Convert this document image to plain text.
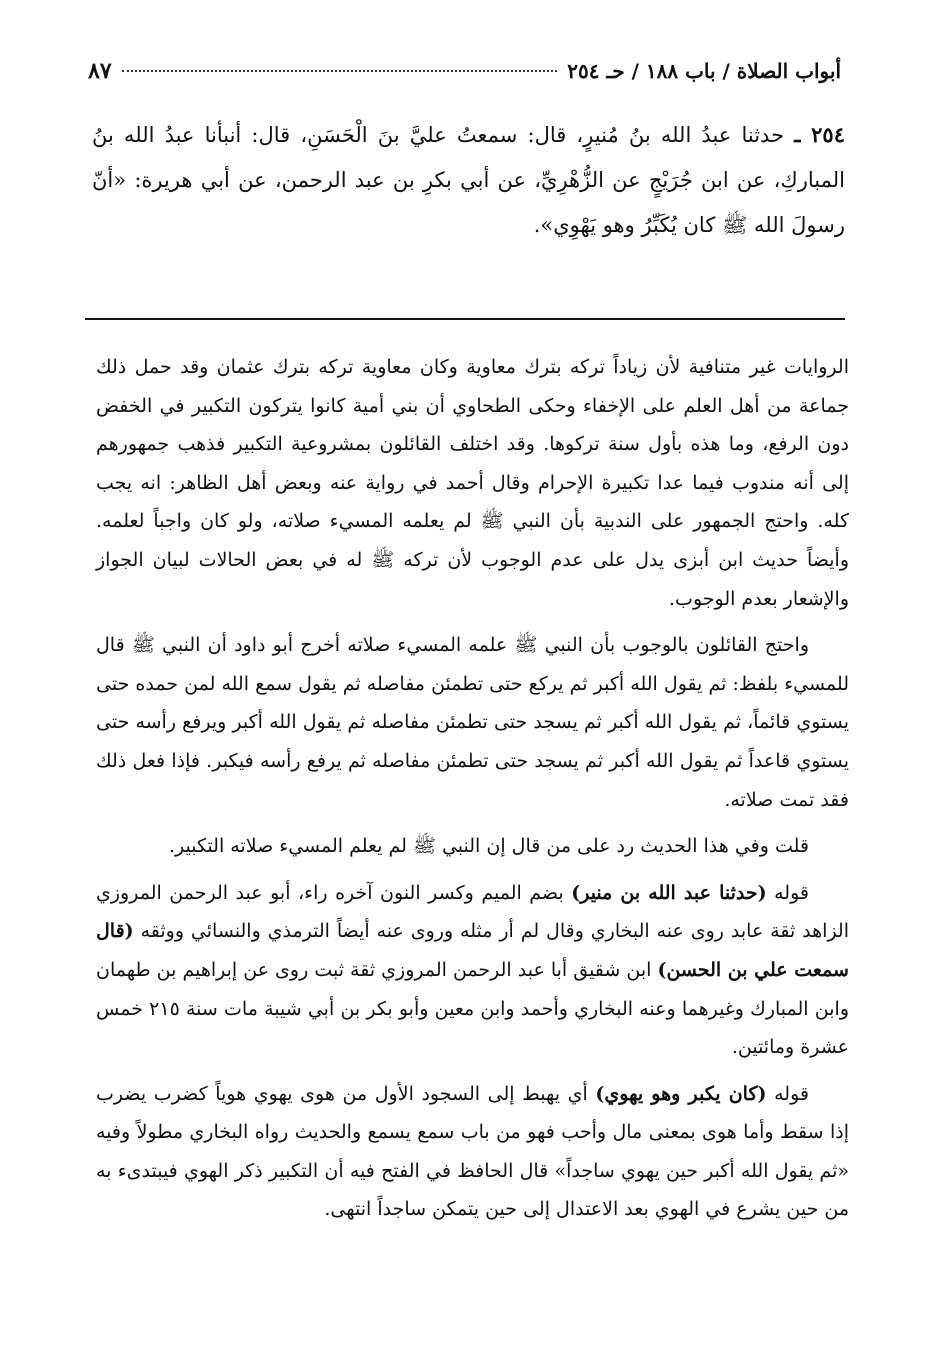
أبواب الصلاة / باب ١٨٨ / حـ ٢٥٤
٨٧
٢٥٤ ـ حدثنا عبدُ الله بنُ مُنيرٍ، قال: سمعتُ عليَّ بنَ الْحَسَنِ، قال: أنبأنا عبدُ الله بنُ المباركِ، عن ابن جُرَيْجٍ عن الزُّهْرِيِّ، عن أبي بكرِ بن عبد الرحمن، عن أبي هريرة: «أنّ رسولَ الله ﷺ كان يُكَبِّرُ وهو يَهْوِي».

الروايات غير متنافية لأن زياداً تركه بترك معاوية وكان معاوية تركه بترك عثمان وقد حمل ذلك جماعة من أهل العلم على الإخفاء وحكى الطحاوي أن بني أمية كانوا يتركون التكبير في الخفض دون الرفع، وما هذه بأول سنة تركوها. وقد اختلف القائلون بمشروعية التكبير فذهب جمهورهم إلى أنه مندوب فيما عدا تكبيرة الإحرام وقال أحمد في رواية عنه وبعض أهل الظاهر: انه يجب كله. واحتج الجمهور على الندبية بأن النبي ﷺ لم يعلمه المسيء صلاته، ولو كان واجباً لعلمه. وأيضاً حديث ابن أبزى يدل على عدم الوجوب لأن تركه ﷺ له في بعض الحالات لبيان الجواز والإشعار بعدم الوجوب.

واحتج القائلون بالوجوب بأن النبي ﷺ علمه المسيء صلاته أخرج أبو داود أن النبي ﷺ قال للمسيء بلفظ: ثم يقول الله أكبر ثم يركع حتى تطمئن مفاصله ثم يقول سمع الله لمن حمده حتى يستوي قائماً، ثم يقول الله أكبر ثم يسجد حتى تطمئن مفاصله ثم يقول الله أكبر ويرفع رأسه حتى يستوي قاعداً ثم يقول الله أكبر ثم يسجد حتى تطمئن مفاصله ثم يرفع رأسه فيكبر. فإذا فعل ذلك فقد تمت صلاته.

قلت وفي هذا الحديث رد على من قال إن النبي ﷺ لم يعلم المسيء صلاته التكبير.

قوله (حدثنا عبد الله بن منير) بضم الميم وكسر النون آخره راء، أبو عبد الرحمن المروزي الزاهد ثقة عابد روى عنه البخاري وقال لم أر مثله وروى عنه أيضاً الترمذي والنسائي ووثقه (قال سمعت علي بن الحسن) ابن شقيق أبا عبد الرحمن المروزي ثقة ثبت روى عن إبراهيم بن طهمان وابن المبارك وغيرهما وعنه البخاري وأحمد وابن معين وأبو بكر بن أبي شيبة مات سنة ٢١٥ خمس عشرة ومائتين.

قوله (كان يكبر وهو يهوي) أي يهبط إلى السجود الأول من هوى يهوي هوياً كضرب يضرب إذا سقط وأما هوى بمعنى مال وأحب فهو من باب سمع يسمع والحديث رواه البخاري مطولاً وفيه «ثم يقول الله أكبر حين يهوي ساجداً» قال الحافظ في الفتح فيه أن التكبير ذكر الهوي فيبتدىء به من حين يشرع في الهوي بعد الاعتدال إلى حين يتمكن ساجداً انتهى.
